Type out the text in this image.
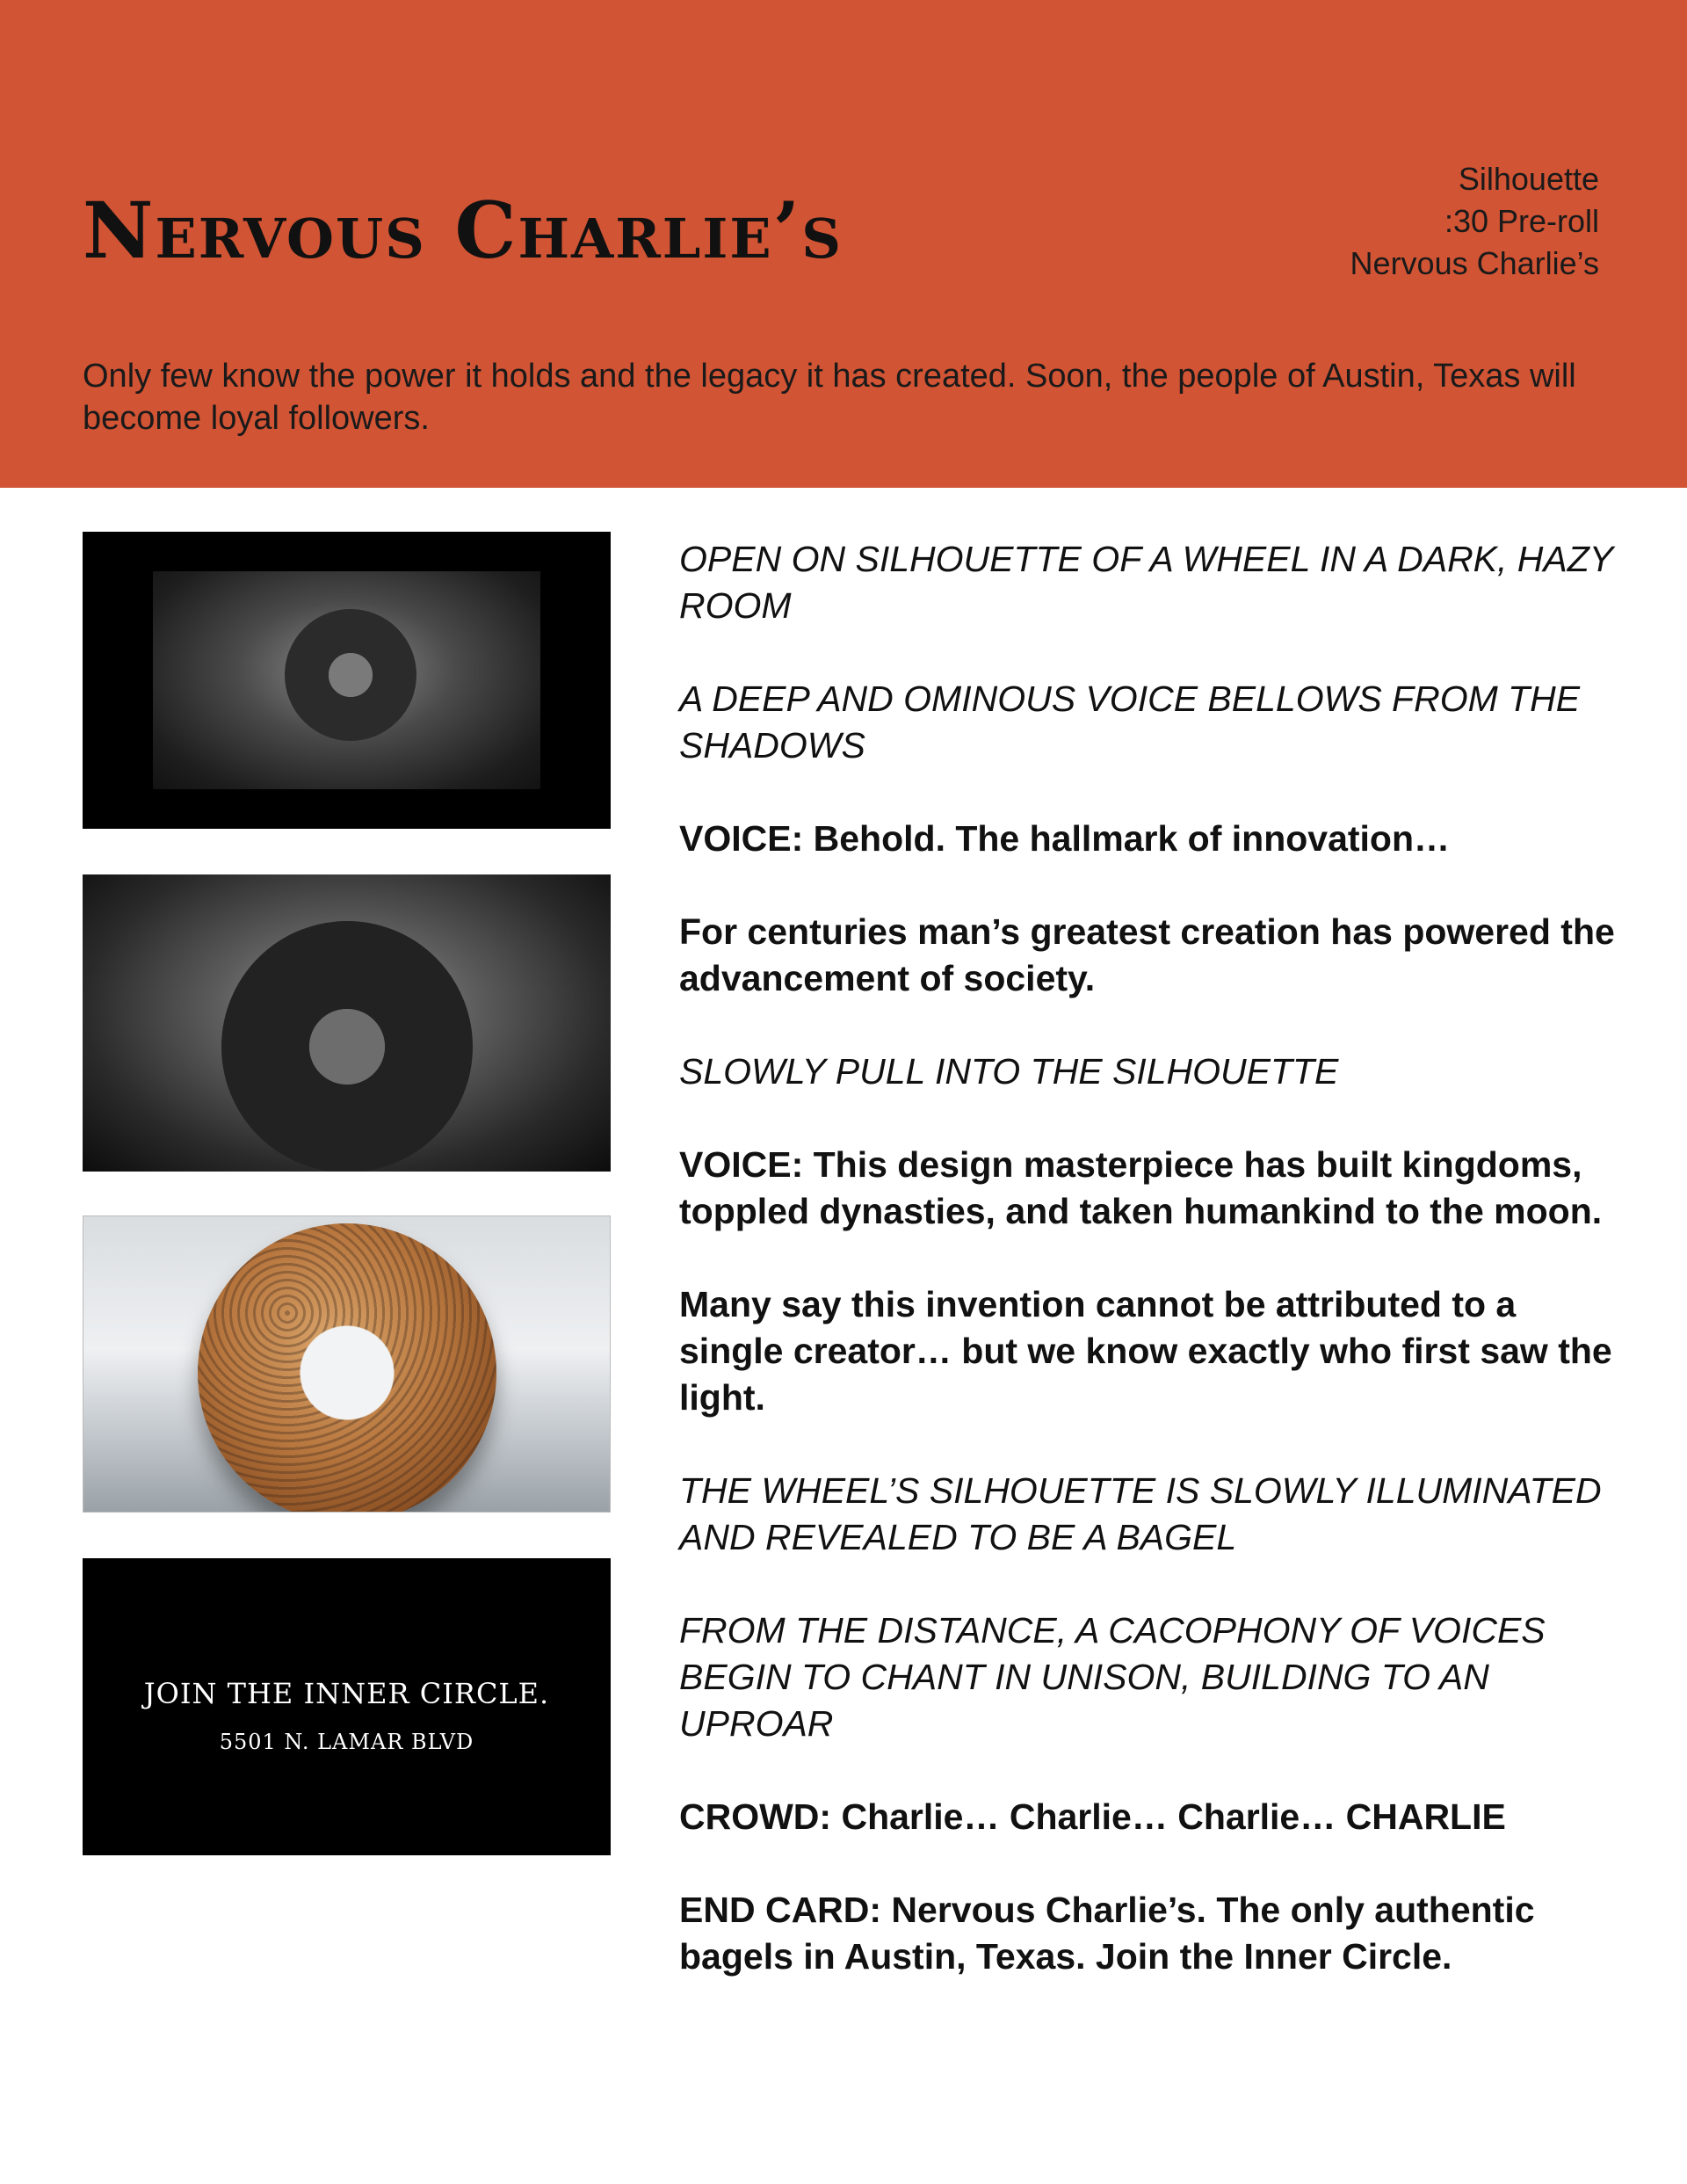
Nervous Charlie’s
Silhouette
:30 Pre-roll
Nervous Charlie’s
Only few know the power it holds and the legacy it has created. Soon, the people of Austin, Texas will become loyal followers.
JOIN THE INNER CIRCLE.
5501 N. LAMAR BLVD

OPEN ON SILHOUETTE OF A WHEEL IN A DARK, HAZY ROOM

A DEEP AND OMINOUS VOICE BELLOWS FROM THE SHADOWS

VOICE: Behold. The hallmark of innovation…

For centuries man’s greatest creation has powered the advancement of society.

SLOWLY PULL INTO THE SILHOUETTE

VOICE: This design masterpiece has built kingdoms, toppled dynasties, and taken humankind to the moon.

Many say this invention cannot be attributed to a single creator… but we know exactly who first saw the light.

THE WHEEL’S SILHOUETTE IS SLOWLY ILLUMINATED AND REVEALED TO BE A BAGEL

FROM THE DISTANCE, A CACOPHONY OF VOICES BEGIN TO CHANT IN UNISON, BUILDING TO AN UPROAR

CROWD: Charlie… Charlie… Charlie… CHARLIE

END CARD: Nervous Charlie’s. The only authentic bagels in Austin, Texas. Join the Inner Circle.
